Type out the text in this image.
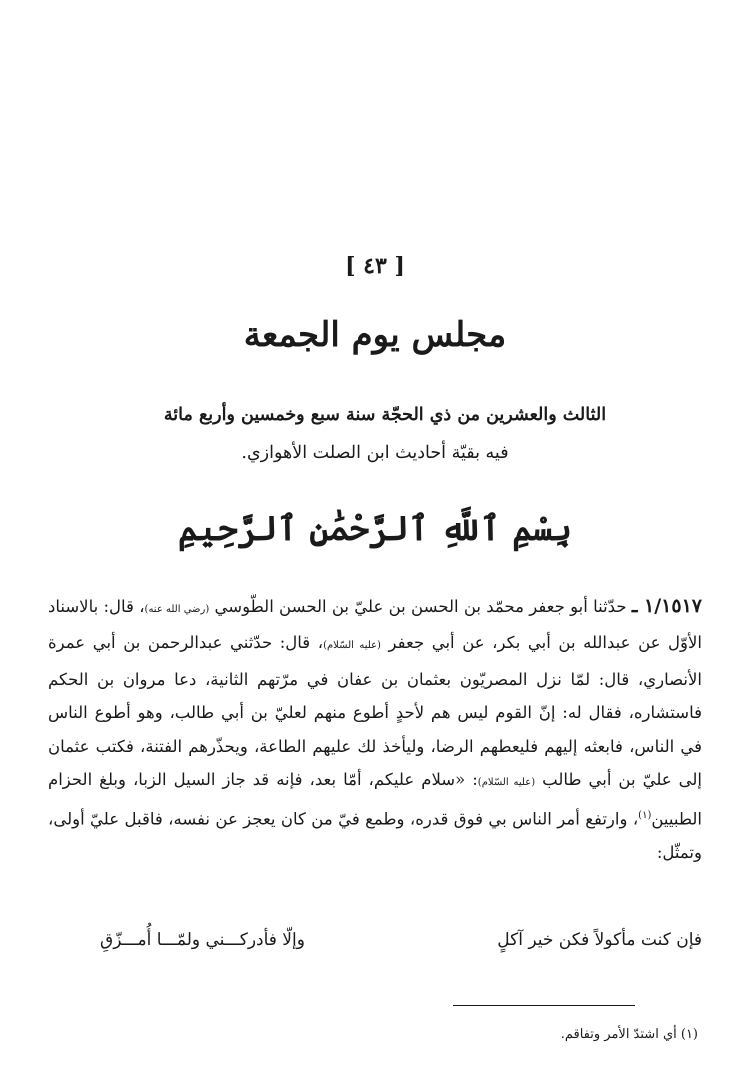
[ ٤٣ ]
مجلس يوم الجمعة
الثالث والعشرين من ذي الحجّة سنة سبع وخمسين وأربع مائة
فيه بقيّة أحاديث ابن الصلت الأهوازي.
بِسْمِ ٱللَّهِ ٱلرَّحْمَٰنِ ٱلرَّحِيمِ

١/١٥١٧ ـ حدّثنا أبو جعفر محمّد بن الحسن بن عليّ بن الحسن الطّوسي (رضي الله عنه)، قال: بالاسناد الأوّل عن عبدالله بن أبي بكر، عن أبي جعفر (عليه السّلام)، قال: حدّثني عبدالرحمن بن أبي عمرة الأنصاري، قال: لمّا نزل المصريّون بعثمان بن عفان في مرّتهم الثانية، دعا مروان بن الحكم فاستشاره، فقال له: إنّ القوم ليس هم لأحدٍ أطوع منهم لعليّ بن أبي طالب، وهو أطوع الناس في الناس، فابعثه إليهم فليعطهم الرضا، وليأخذ لك عليهم الطاعة، ويحذّرهم الفتنة، فكتب عثمان إلى عليّ بن أبي طالب (عليه السّلام): «سلام عليكم، أمّا بعد، فإنه قد جاز السيل الزبا، وبلغ الحزام الطبيين$^{(١)}$، وارتفع أمر الناس بي فوق قدره، وطمع فيّ من كان يعجز عن نفسه، فاقبل عليّ أولى، وتمثّل:

فإن كنت مأكولاً فكن خير آكلٍ
وإلّا فأدركـــني ولمّـــا أُمـــزّقِ
(١) أي اشتدّ الأمر وتفاقم.
